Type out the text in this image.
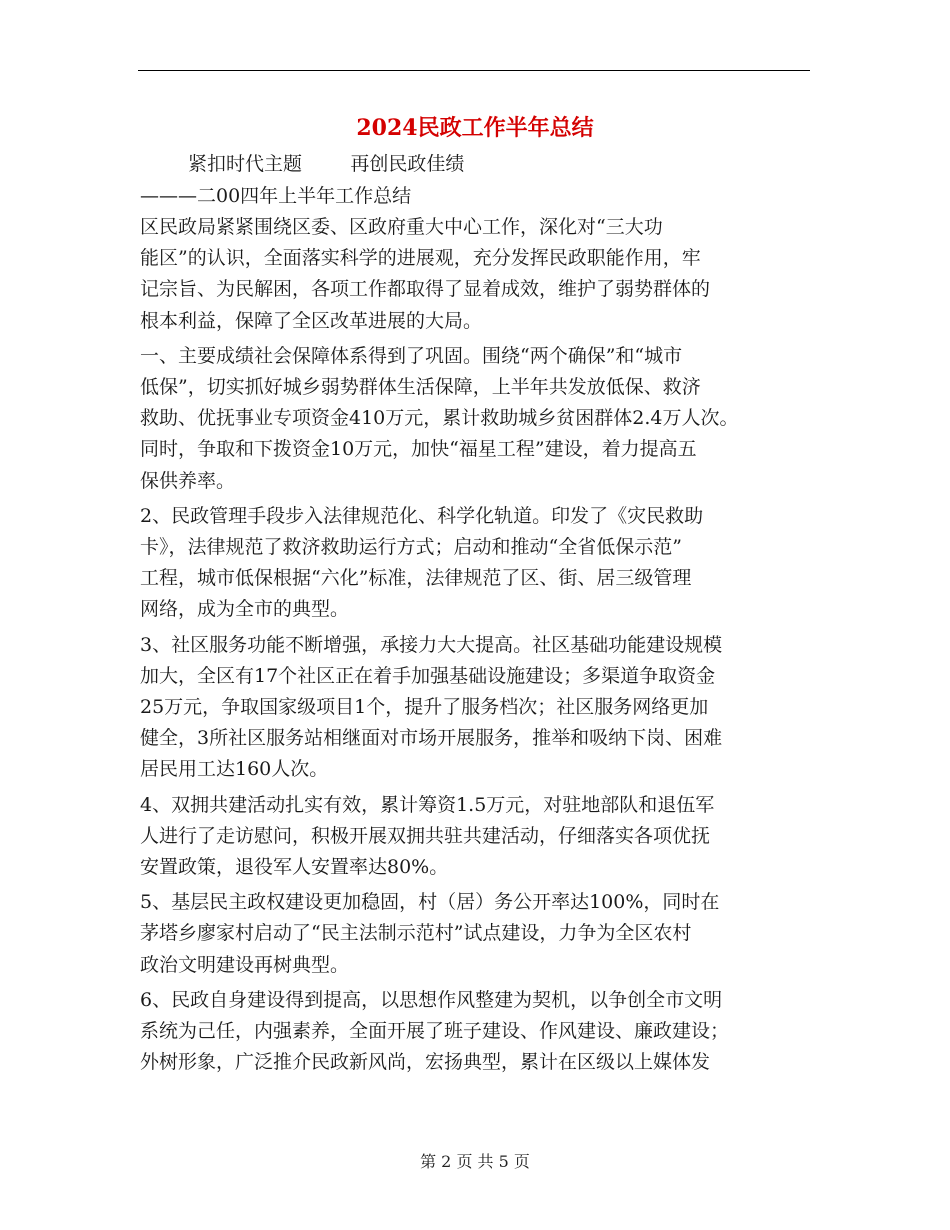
2024民政工作半年总结
紧扣时代主题        再创民政佳绩
———二00四年上半年工作总结

区民政局紧紧围绕区委、区政府重大中心工作，深化对“三大功
能区”的认识，全面落实科学的进展观，充分发挥民政职能作用，牢
记宗旨、为民解困，各项工作都取得了显着成效，维护了弱势群体的
根本利益，保障了全区改革进展的大局。

一、主要成绩社会保障体系得到了巩固。围绕“两个确保”和“城市
低保”，切实抓好城乡弱势群体生活保障，上半年共发放低保、救济
救助、优抚事业专项资金410万元，累计救助城乡贫困群体2.4万人次。
同时，争取和下拨资金10万元，加快“福星工程”建设，着力提高五
保供养率。

2、民政管理手段步入法律规范化、科学化轨道。印发了《灾民救助
卡》，法律规范了救济救助运行方式；启动和推动“全省低保示范”
工程，城市低保根据“六化”标准，法律规范了区、街、居三级管理
网络，成为全市的典型。

3、社区服务功能不断增强，承接力大大提高。社区基础功能建设规模
加大，全区有17个社区正在着手加强基础设施建设；多渠道争取资金
25万元，争取国家级项目1个，提升了服务档次；社区服务网络更加
健全，3所社区服务站相继面对市场开展服务，推举和吸纳下岗、困难
居民用工达160人次。

4、双拥共建活动扎实有效，累计筹资1.5万元，对驻地部队和退伍军
人进行了走访慰问，积极开展双拥共驻共建活动，仔细落实各项优抚
安置政策，退役军人安置率达80%。

5、基层民主政权建设更加稳固，村（居）务公开率达100%，同时在
茅塔乡廖家村启动了“民主法制示范村”试点建设，力争为全区农村
政治文明建设再树典型。

6、民政自身建设得到提高，以思想作风整建为契机，以争创全市文明
系统为己任，内强素养，全面开展了班子建设、作风建设、廉政建设；
外树形象，广泛推介民政新风尚，宏扬典型，累计在区级以上媒体发

第 2 页 共 5 页
